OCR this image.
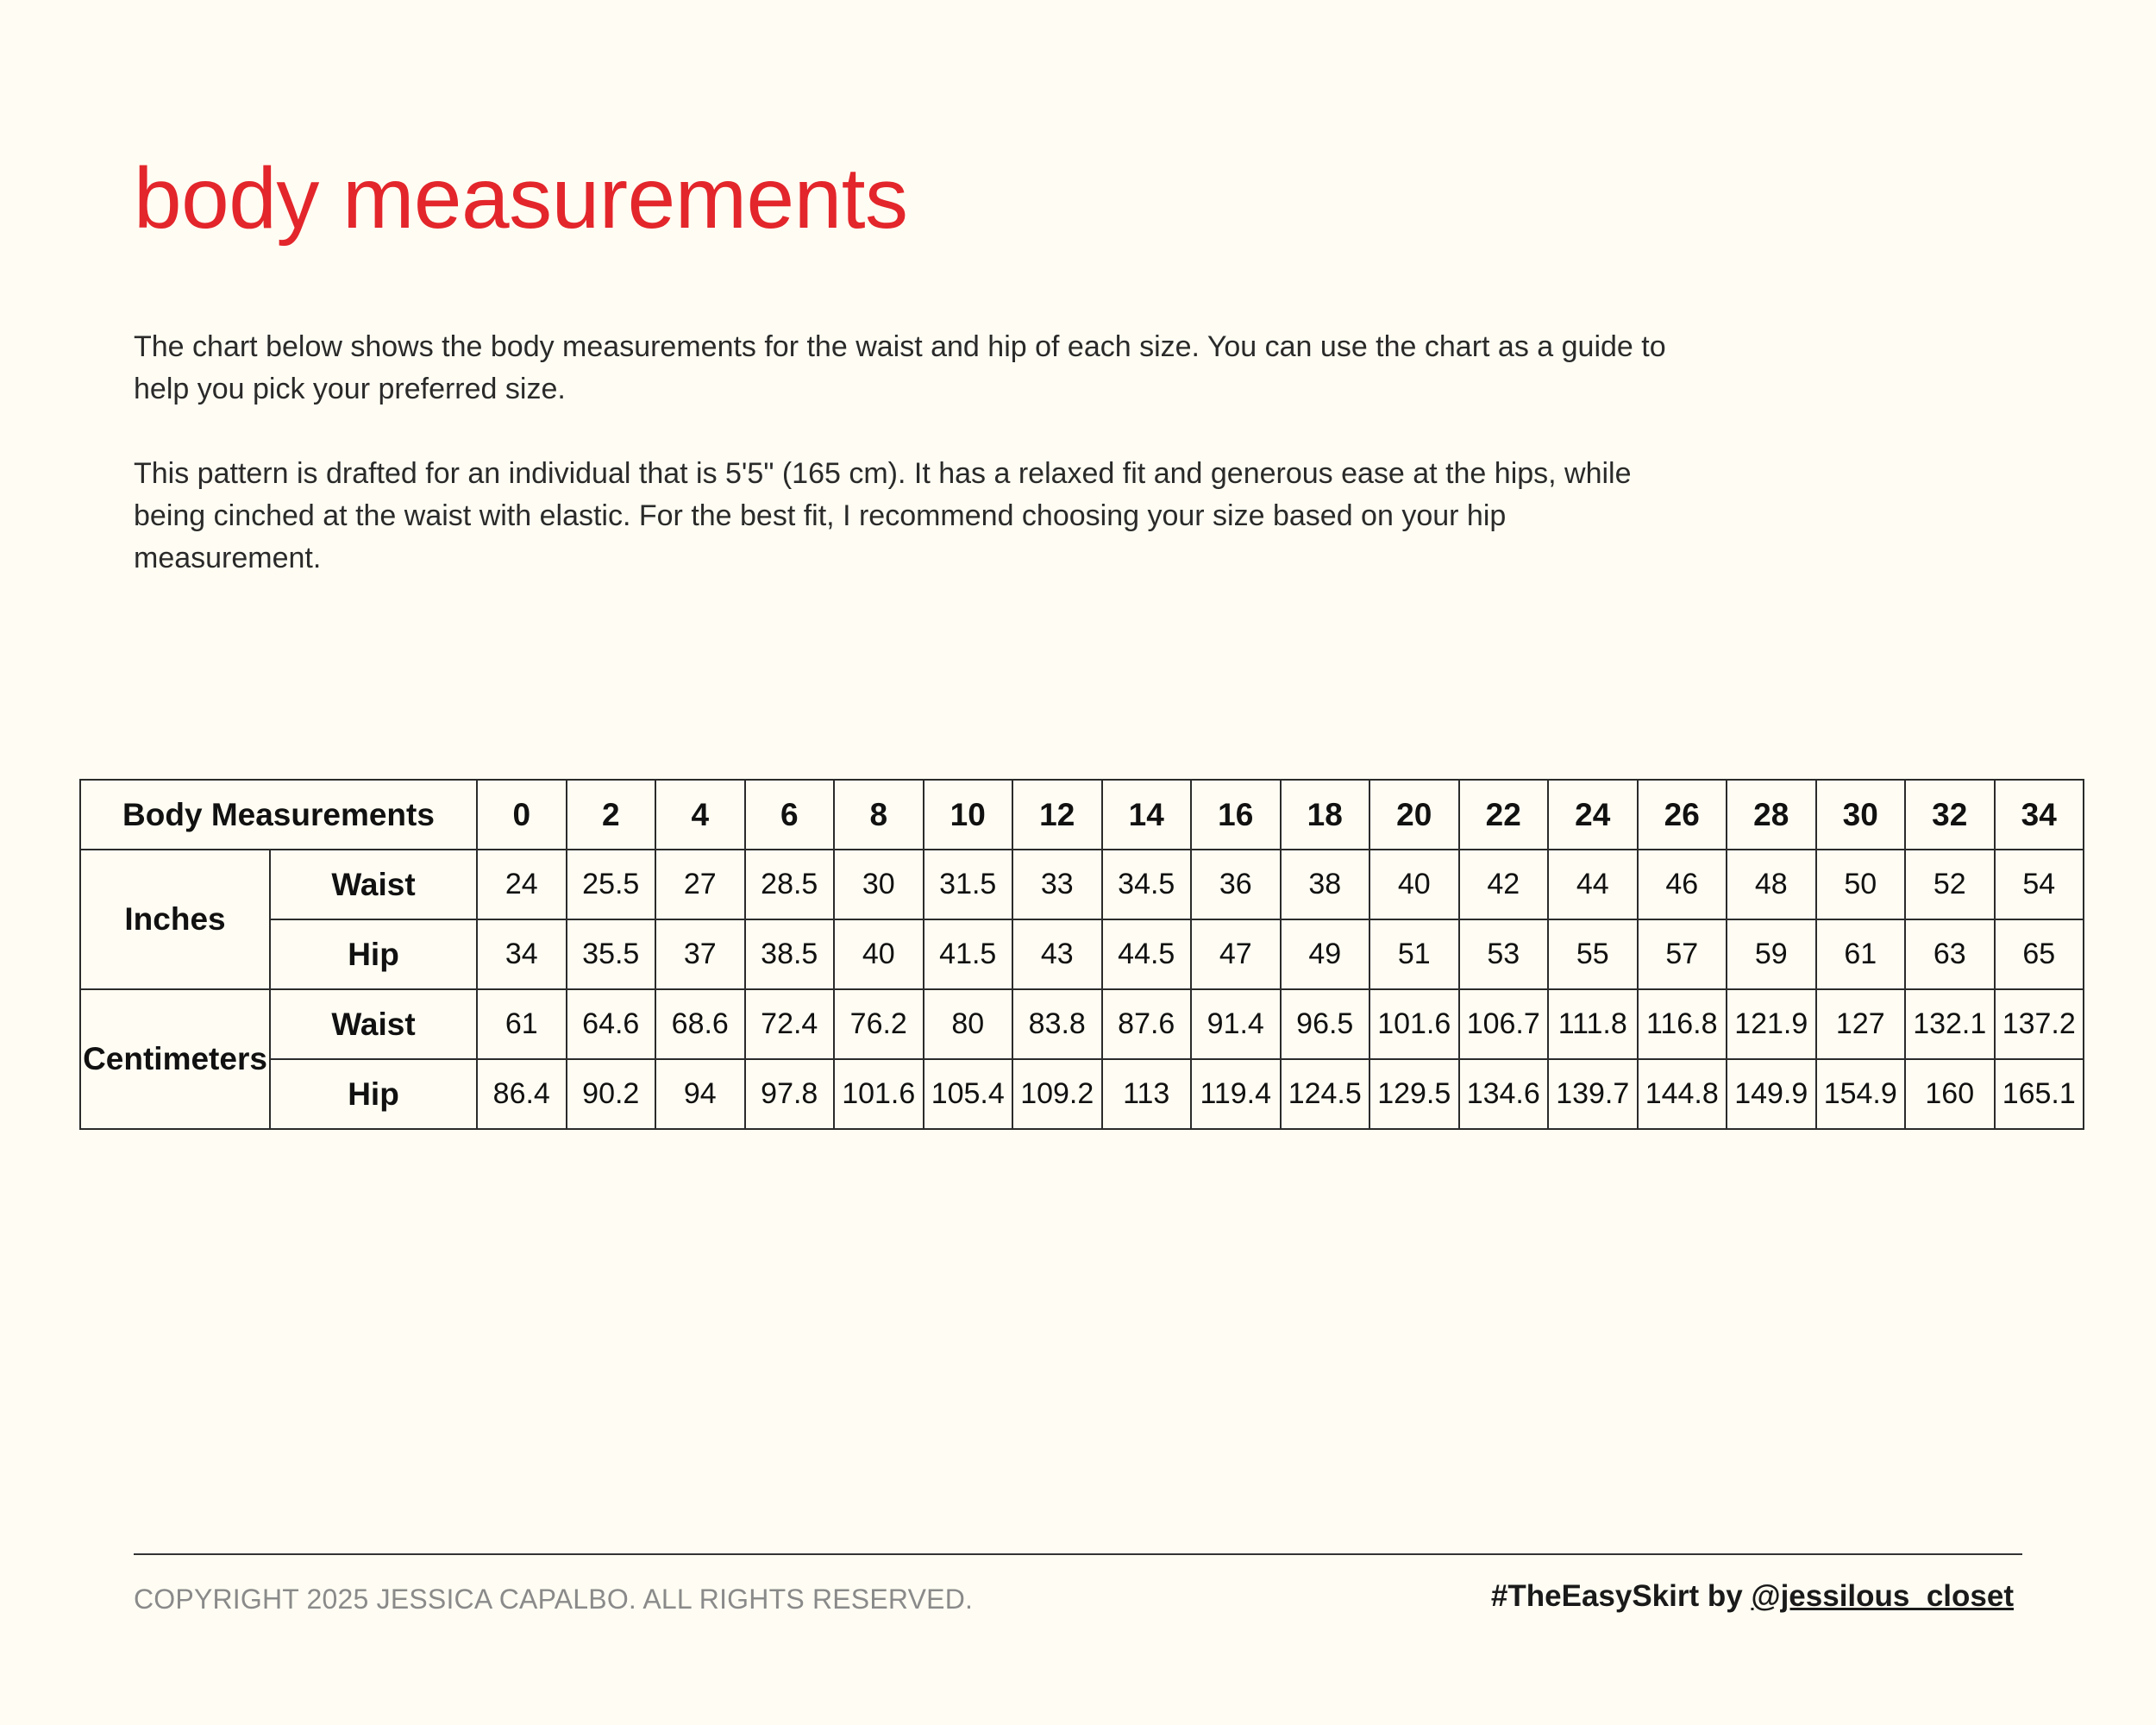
body measurements

The chart below shows the body measurements for the waist and hip of each size. You can use the chart as a guide to help you pick your preferred size.

This pattern is drafted for an individual that is 5'5" (165 cm). It has a relaxed fit and generous ease at the hips, while being cinched at the waist with elastic. For the best fit, I recommend choosing your size based on your hip measurement.

Body Measurements		0	2	4	6	8	10	12	14	16	18	20	22	24	26	28	30	32	34
Inches	Waist	24	25.5	27	28.5	30	31.5	33	34.5	36	38	40	42	44	46	48	50	52	54
	Hip	34	35.5	37	38.5	40	41.5	43	44.5	47	49	51	53	55	57	59	61	63	65
Centimeters	Waist	61	64.6	68.6	72.4	76.2	80	83.8	87.6	91.4	96.5	101.6	106.7	111.8	116.8	121.9	127	132.1	137.2
	Hip	86.4	90.2	94	97.8	101.6	105.4	109.2	113	119.4	124.5	129.5	134.6	139.7	144.8	149.9	154.9	160	165.1
COPYRIGHT 2025 JESSICA CAPALBO. ALL RIGHTS RESERVED.	#TheEasySkirt by @jessilous_closet
